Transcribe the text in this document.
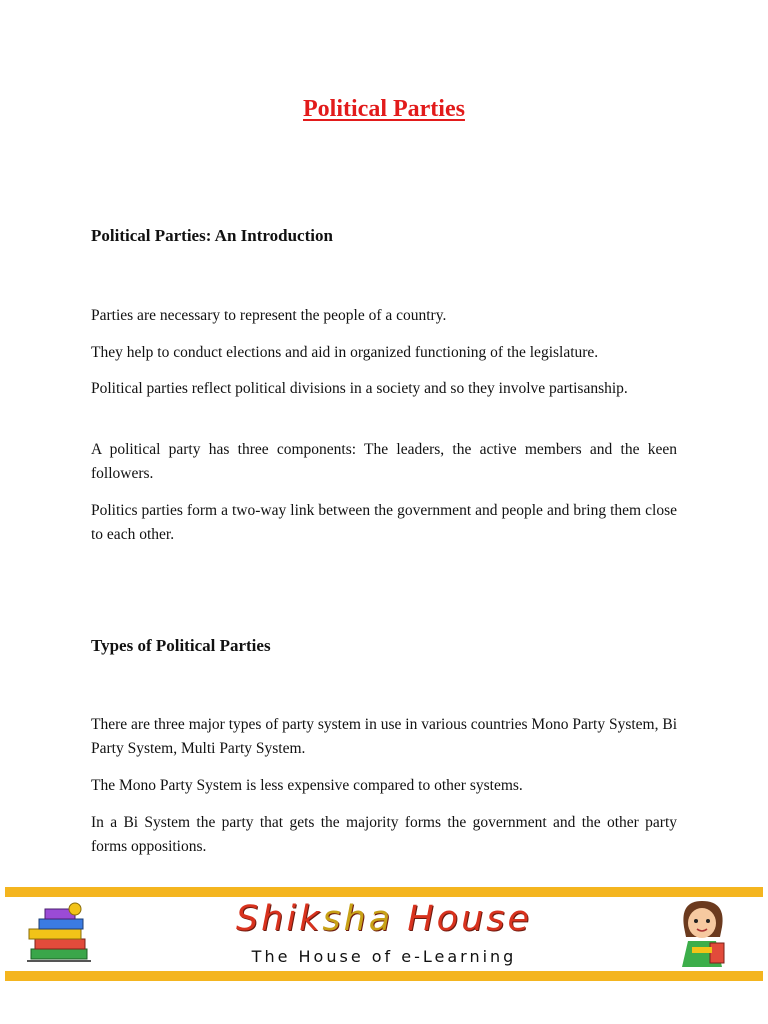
Political Parties
Political Parties: An Introduction

Parties are necessary to represent the people of a country.

They help to conduct elections and aid in organized functioning of the legislature.

Political parties reflect political divisions in a society and so they involve partisanship.

A political party has three components: The leaders, the active members and the keen followers.

Politics parties form a two-way link between the government and people and bring them close to each other.

Types of Political Parties

There are three major types of party system in use in various countries Mono Party System, Bi Party System, Multi Party System.

The Mono Party System is less expensive compared to other systems.

In a Bi System the party that gets the majority forms the government and the other party forms oppositions.

Shiksha House
The House of e-Learning
